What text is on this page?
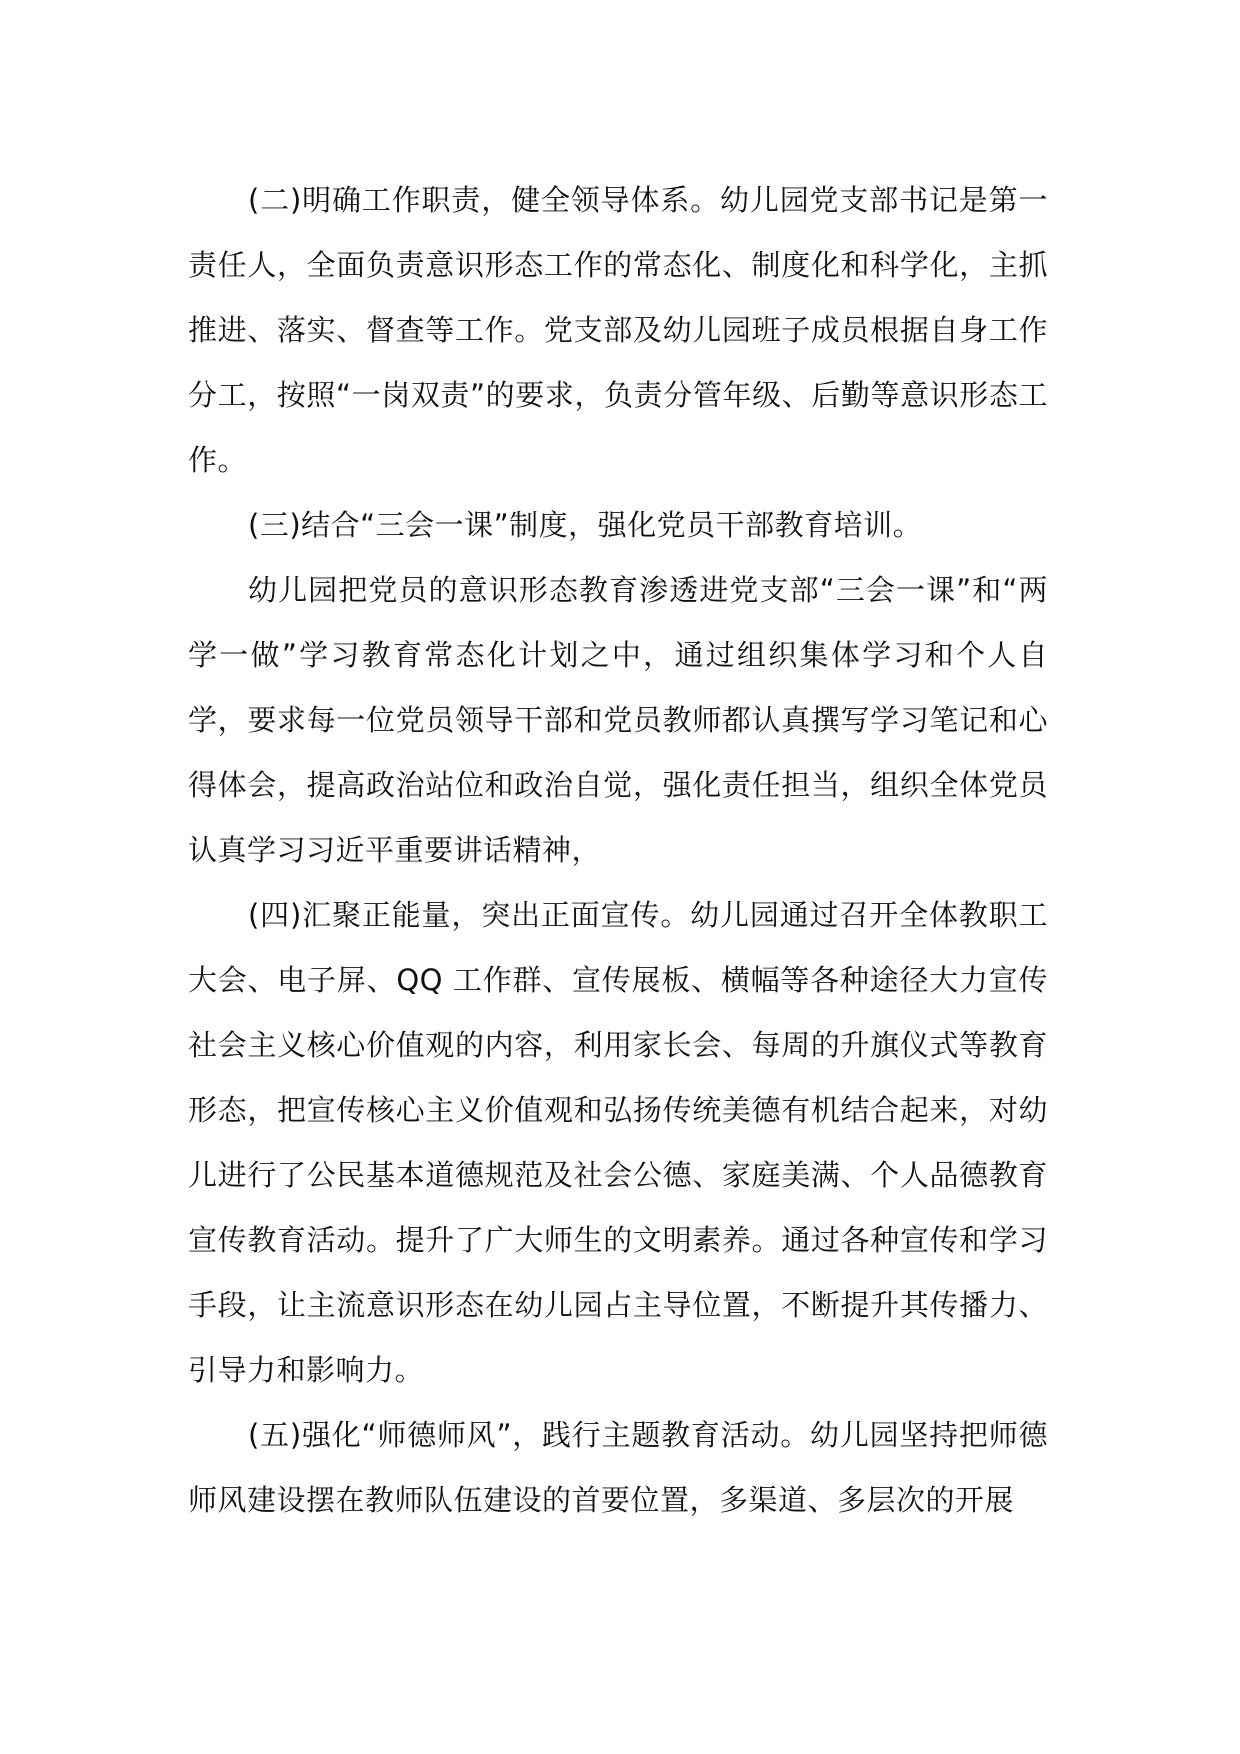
(二)明确工作职责，健全领导体系。幼儿园党支部书记是第一责任人，全面负责意识形态工作的常态化、制度化和科学化，主抓推进、落实、督查等工作。党支部及幼儿园班子成员根据自身工作分工，按照“一岗双责”的要求，负责分管年级、后勤等意识形态工作。

(三)结合“三会一课”制度，强化党员干部教育培训。

幼儿园把党员的意识形态教育渗透进党支部“三会一课”和“两学一做”学习教育常态化计划之中，通过组织集体学习和个人自学，要求每一位党员领导干部和党员教师都认真撰写学习笔记和心得体会，提高政治站位和政治自觉，强化责任担当，组织全体党员认真学习习近平重要讲话精神，

(四)汇聚正能量，突出正面宣传。幼儿园通过召开全体教职工大会、电子屏、QQ 工作群、宣传展板、横幅等各种途径大力宣传社会主义核心价值观的内容，利用家长会、每周的升旗仪式等教育形态，把宣传核心主义价值观和弘扬传统美德有机结合起来，对幼儿进行了公民基本道德规范及社会公德、家庭美满、个人品德教育宣传教育活动。提升了广大师生的文明素养。通过各种宣传和学习手段，让主流意识形态在幼儿园占主导位置，不断提升其传播力、引导力和影响力。

(五)强化“师德师风”，践行主题教育活动。幼儿园坚持把师德师风建设摆在教师队伍建设的首要位置，多渠道、多层次的开展
